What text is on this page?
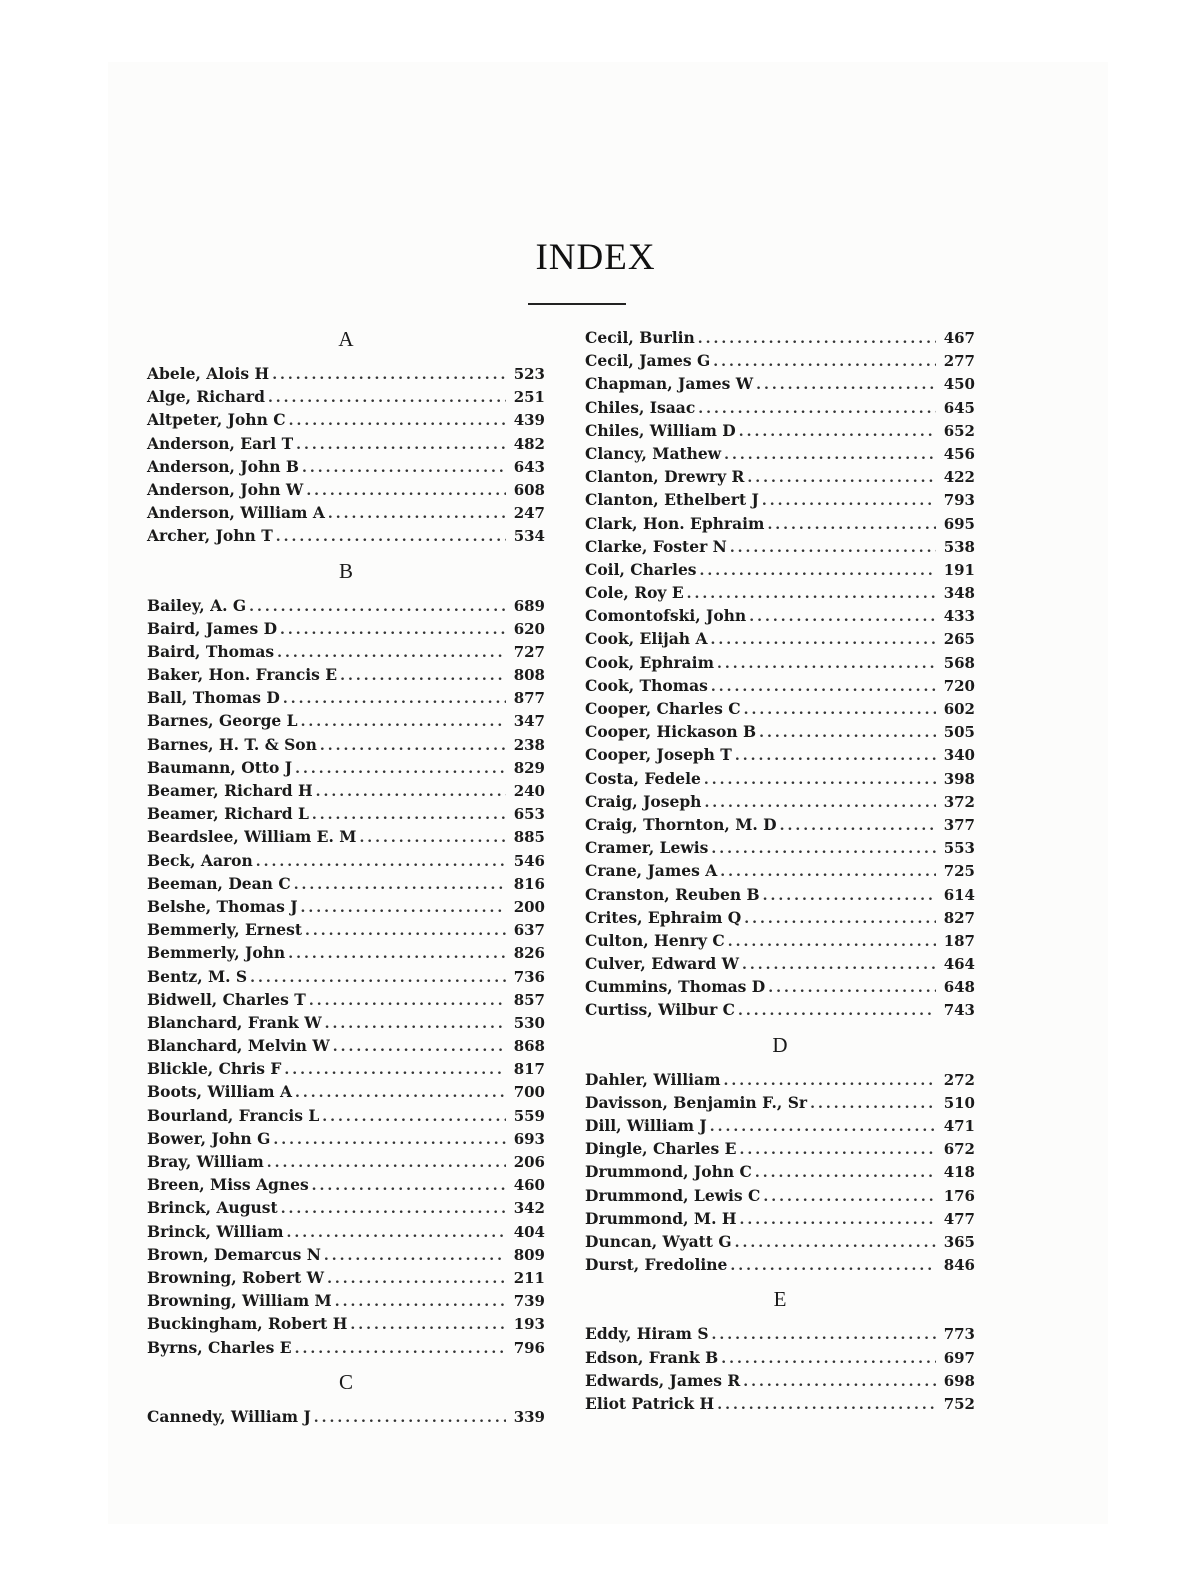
INDEX
A
Abele, Alois H .....	523
Alge, Richard .....	251
Altpeter, John C .....	439
Anderson, Earl T .....	482
Anderson, John B .....	643
Anderson, John W .....	608
Anderson, William A .....	247
Archer, John T .....	534
B
Bailey, A. G .....	689
Baird, James D .....	620
Baird, Thomas .....	727
Baker, Hon. Francis E .....	808
Ball, Thomas D .....	877
Barnes, George L .....	347
Barnes, H. T. & Son .....	238
Baumann, Otto J .....	829
Beamer, Richard H .....	240
Beamer, Richard L .....	653
Beardslee, William E. M .....	885
Beck, Aaron .....	546
Beeman, Dean C .....	816
Belshe, Thomas J .....	200
Bemmerly, Ernest .....	637
Bemmerly, John .....	826
Bentz, M. S .....	736
Bidwell, Charles T .....	857
Blanchard, Frank W .....	530
Blanchard, Melvin W .....	868
Blickle, Chris F .....	817
Boots, William A .....	700
Bourland, Francis L .....	559
Bower, John G .....	693
Bray, William .....	206
Breen, Miss Agnes .....	460
Brinck, August .....	342
Brinck, William .....	404
Brown, Demarcus N .....	809
Browning, Robert W .....	211
Browning, William M .....	739
Buckingham, Robert H .....	193
Byrns, Charles E .....	796
C
Cannedy, William J .....	339
Cecil, Burlin .....	467
Cecil, James G .....	277
Chapman, James W .....	450
Chiles, Isaac .....	645
Chiles, William D .....	652
Clancy, Mathew .....	456
Clanton, Drewry R .....	422
Clanton, Ethelbert J .....	793
Clark, Hon. Ephraim .....	695
Clarke, Foster N .....	538
Coil, Charles .....	191
Cole, Roy E .....	348
Comontofski, John .....	433
Cook, Elijah A .....	265
Cook, Ephraim .....	568
Cook, Thomas .....	720
Cooper, Charles C .....	602
Cooper, Hickason B .....	505
Cooper, Joseph T .....	340
Costa, Fedele .....	398
Craig, Joseph .....	372
Craig, Thornton, M. D .....	377
Cramer, Lewis .....	553
Crane, James A .....	725
Cranston, Reuben B .....	614
Crites, Ephraim Q .....	827
Culton, Henry C .....	187
Culver, Edward W .....	464
Cummins, Thomas D .....	648
Curtiss, Wilbur C .....	743
D
Dahler, William .....	272
Davisson, Benjamin F., Sr .....	510
Dill, William J .....	471
Dingle, Charles E .....	672
Drummond, John C .....	418
Drummond, Lewis C .....	176
Drummond, M. H .....	477
Duncan, Wyatt G .....	365
Durst, Fredoline .....	846
E
Eddy, Hiram S .....	773
Edson, Frank B .....	697
Edwards, James R .....	698
Eliot Patrick H .....	752
